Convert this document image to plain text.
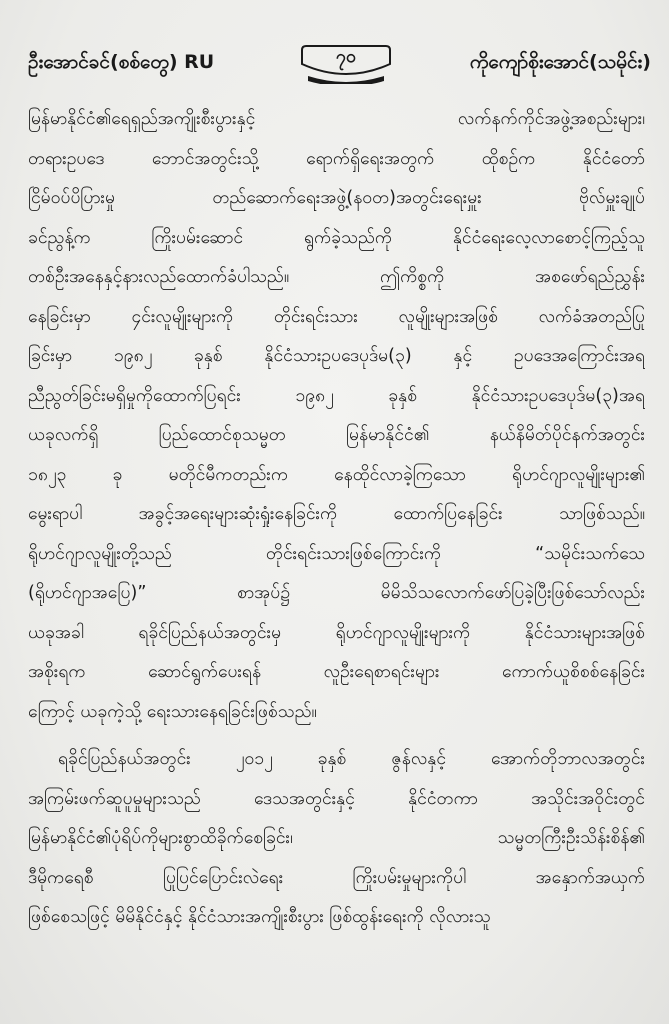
ဦးအောင်ခင်(စစ်တွေ) RU	၇၀	ကိုကျော်စိုးအောင်(သမိုင်း)
မြန်မာနိုင်ငံ၏ရေရှည်အကျိုးစီးပွားနှင့် လက်နက်ကိုင်အဖွဲ့အစည်းများ၊
တရားဥပဒေ ဘောင်အတွင်းသို့ ရောက်ရှိရေးအတွက် ထိုစဉ်က နိုင်ငံတော်
ငြိမ်ဝပ်ပိပြားမှု တည်ဆောက်ရေးအဖွဲ့(နဝတ)အတွင်းရေးမှူး ဗိုလ်မှူးချုပ်
ခင်ညွန့်က ကြိုးပမ်းဆောင် ရွက်ခဲ့သည်ကို နိုင်ငံရေးလေ့လာစောင့်ကြည့်သူ
တစ်ဦးအနေနှင့်နားလည်ထောက်ခံပါသည်။ ဤကိစ္စကို အစဖော်ရည်ညွှန်း
နေခြင်းမှာ ၄င်းလူမျိုးများကို တိုင်းရင်းသား လူမျိုးများအဖြစ် လက်ခံအတည်ပြု
ခြင်းမှာ ၁၉၈၂ ခုနှစ် နိုင်ငံသားဥပဒေပုဒ်မ(၃) နှင့် ဥပဒေအကြောင်းအရ
ညီညွတ်ခြင်းမရှိမှုကိုထောက်ပြရင်း ၁၉၈၂ ခုနှစ် နိုင်ငံသားဥပဒေပုဒ်မ(၃)အရ
ယခုလက်ရှိ ပြည်ထောင်စုသမ္မတ မြန်မာနိုင်ငံ၏ နယ်နိမိတ်ပိုင်နက်အတွင်း
၁၈၂၃ ခု မတိုင်မီကတည်းက နေထိုင်လာခဲ့ကြသော ရိုဟင်ဂျာလူမျိုးများ၏
မွေးရာပါ အခွင့်အရေးများဆုံးရှုံးနေခြင်းကို ထောက်ပြနေခြင်း သာဖြစ်သည်။
ရိုဟင်ဂျာလူမျိုးတို့သည် တိုင်းရင်းသားဖြစ်ကြောင်းကို “သမိုင်းသက်သေ
(ရိုဟင်ဂျာအပြေ)” စာအုပ်၌ မိမိသိသလောက်ဖော်ပြခဲ့ပြီးဖြစ်သော်လည်း
ယခုအခါ ရခိုင်ပြည်နယ်အတွင်းမှ ရိုဟင်ဂျာလူမျိုးများကို နိုင်ငံသားများအဖြစ်
အစိုးရက ဆောင်ရွက်ပေးရန် လူဦးရေစာရင်းများ ကောက်ယူစိစစ်နေခြင်း
ကြောင့် ယခုကဲ့သို့ ရေးသားနေရခြင်းဖြစ်သည်။
ရခိုင်ပြည်နယ်အတွင်း ၂၀၁၂ ခုနှစ် ဇွန်လနှင့် အောက်တိုဘာလအတွင်း
အကြမ်းဖက်ဆူပူမှုများသည် ဒေသအတွင်းနှင့် နိုင်ငံတကာ အသိုင်းအဝိုင်းတွင်
မြန်မာနိုင်ငံ၏ပုံရိပ်ကိုများစွာထိခိုက်စေခြင်း၊ သမ္မတကြီးဦးသိန်းစိန်၏
ဒီမိုကရေစီ ပြုပြင်ပြောင်းလဲရေး ကြိုးပမ်းမှုများကိုပါ အနှောက်အယှက်
ဖြစ်စေသဖြင့် မိမိနိုင်ငံနှင့် နိုင်ငံသားအကျိုးစီးပွား ဖြစ်ထွန်းရေးကို လိုလားသူ
